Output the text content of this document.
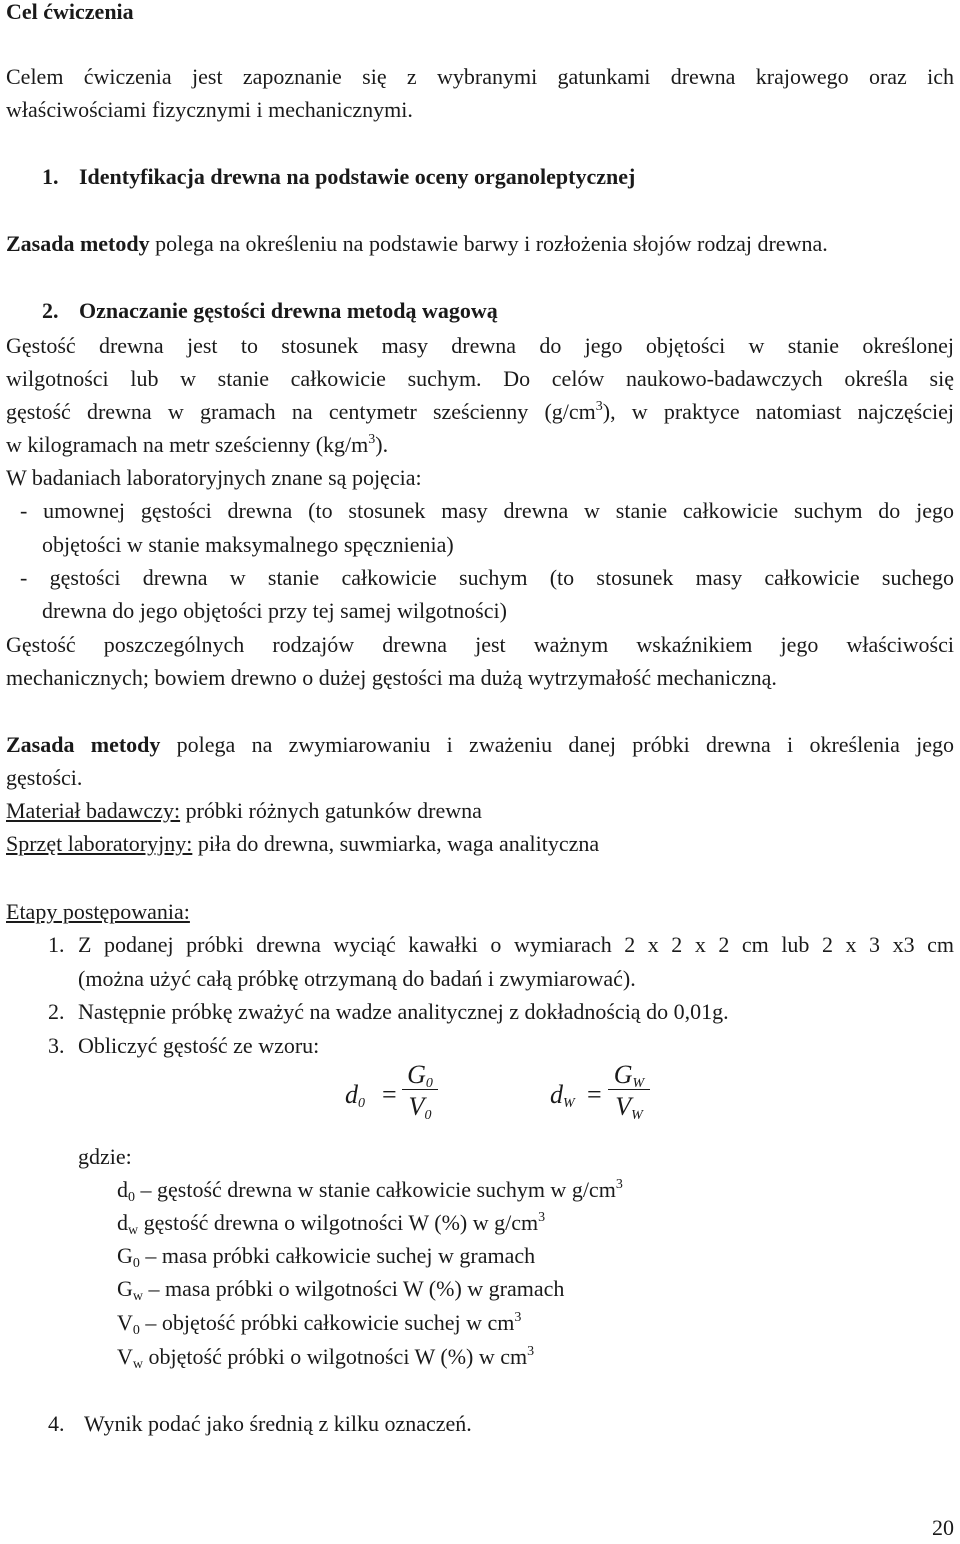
Cel ćwiczenia
Celem ćwiczenia jest zapoznanie się z wybranymi gatunkami drewna krajowego oraz ich
właściwościami fizycznymi i mechanicznymi.
1. Identyfikacja drewna na podstawie oceny organoleptycznej
Zasada metody polega na określeniu na podstawie barwy i rozłożenia słojów rodzaj drewna.
2. Oznaczanie gęstości drewna metodą wagową
Gęstość drewna jest to stosunek masy drewna do jego objętości w stanie określonej
wilgotności lub w stanie całkowicie suchym. Do celów naukowo-badawczych określa się
gęstość drewna w gramach na centymetr sześcienny $(g/cm^3)$, w praktyce natomiast najczęściej
w kilogramach na metr sześcienny $(kg/m^3)$.
W badaniach laboratoryjnych znane są pojęcia:
- umownej gęstości drewna (to stosunek masy drewna w stanie całkowicie suchym do jego
objętości w stanie maksymalnego spęcznienia)
- gęstości drewna w stanie całkowicie suchym (to stosunek masy całkowicie suchego
drewna do jego objętości przy tej samej wilgotności)
Gęstość poszczególnych rodzajów drewna jest ważnym wskaźnikiem jego właściwości
mechanicznych; bowiem drewno o dużej gęstości ma dużą wytrzymałość mechaniczną.
Zasada metody polega na zwymiarowaniu i zważeniu danej próbki drewna i określenia jego
gęstości.
Materiał badawczy: próbki różnych gatunków drewna
Sprzęt laboratoryjny: piła do drewna, suwmiarka, waga analityczna
Etapy postępowania:
1. Z podanej próbki drewna wyciąć kawałki o wymiarach 2 x 2 x 2 cm lub 2 x 3 x3 cm
(można użyć całą próbkę otrzymaną do badań i zwymiarować).
2. Następnie próbkę zważyć na wadze analitycznej z dokładnością do 0,01g.
3. Obliczyć gęstość ze wzoru:
$d_0$ =
$G_0$
$V_0$
$d_W$ =
$G_W$
$V_W$
gdzie:
$d_0$ – gęstość drewna w stanie całkowicie suchym w $g/cm^3$
$d_w$ gęstość drewna o wilgotności W (%) w $g/cm^3$
$G_0$ – masa próbki całkowicie suchej w gramach
$G_w$ – masa próbki o wilgotności W (%) w gramach
$V_0$ – objętość próbki całkowicie suchej w $cm^3$
$V_w$ objętość próbki o wilgotności W (%) w $cm^3$
4. Wynik podać jako średnią z kilku oznaczeń.
20
